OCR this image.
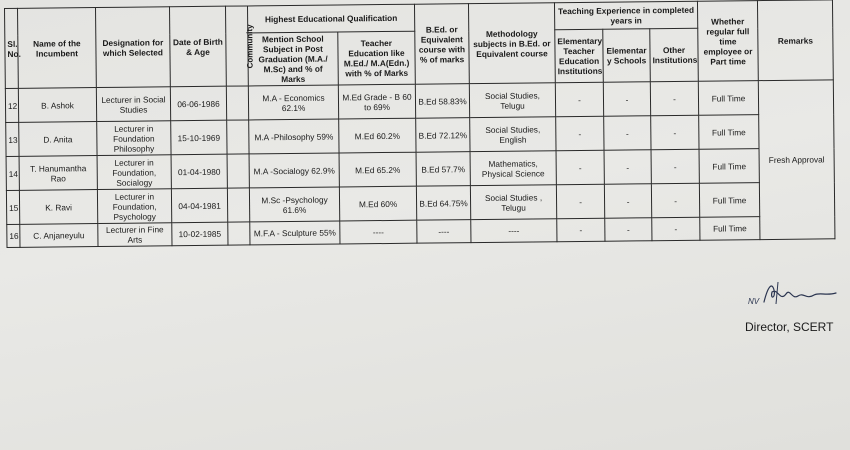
Sl. No.	Name of the Incumbent	Designation for which Selected	Date of Birth & Age	Community	Highest Educational Qualification		B.Ed. or Equivalent course with % of marks	Methodology subjects in B.Ed. or Equivalent course	Teaching Experience in completed years in			Whether regular full time employee or Part time	Remarks
					Mention School Subject in Post Graduation (M.A./ M.Sc) and % of Marks	Teacher Education like M.Ed./ M.A(Edn.) with % of Marks			Elementary Teacher Education Institutions	Elementar y Schools	Other Institutions		
12	B. Ashok	Lecturer in Social Studies	06-06-1986		M.A - Economics 62.1%	M.Ed Grade - B 60 to 69%	B.Ed 58.83%	Social Studies, Telugu	-	-	-	Full Time	Fresh Approval
13	D. Anita	Lecturer in Foundation Philosophy	15-10-1969		M.A -Philosophy 59%	M.Ed 60.2%	B.Ed 72.12%	Social Studies, English	-	-	-	Full Time	
14	T. Hanumantha Rao	Lecturer in Foundation, Socialogy	01-04-1980		M.A -Socialogy 62.9%	M.Ed 65.2%	B.Ed 57.7%	Mathematics, Physical Science	-	-	-	Full Time	
15	K. Ravi	Lecturer in Foundation, Psychology	04-04-1981		M.Sc -Psychology 61.6%	M.Ed 60%	B.Ed 64.75%	Social Studies , Telugu	-	-	-	Full Time	
16	C. Anjaneyulu	Lecturer in Fine Arts	10-02-1985		M.F.A - Sculpture 55%	----	----	----	-	-	-	Full Time	
NV
Director, SCERT
